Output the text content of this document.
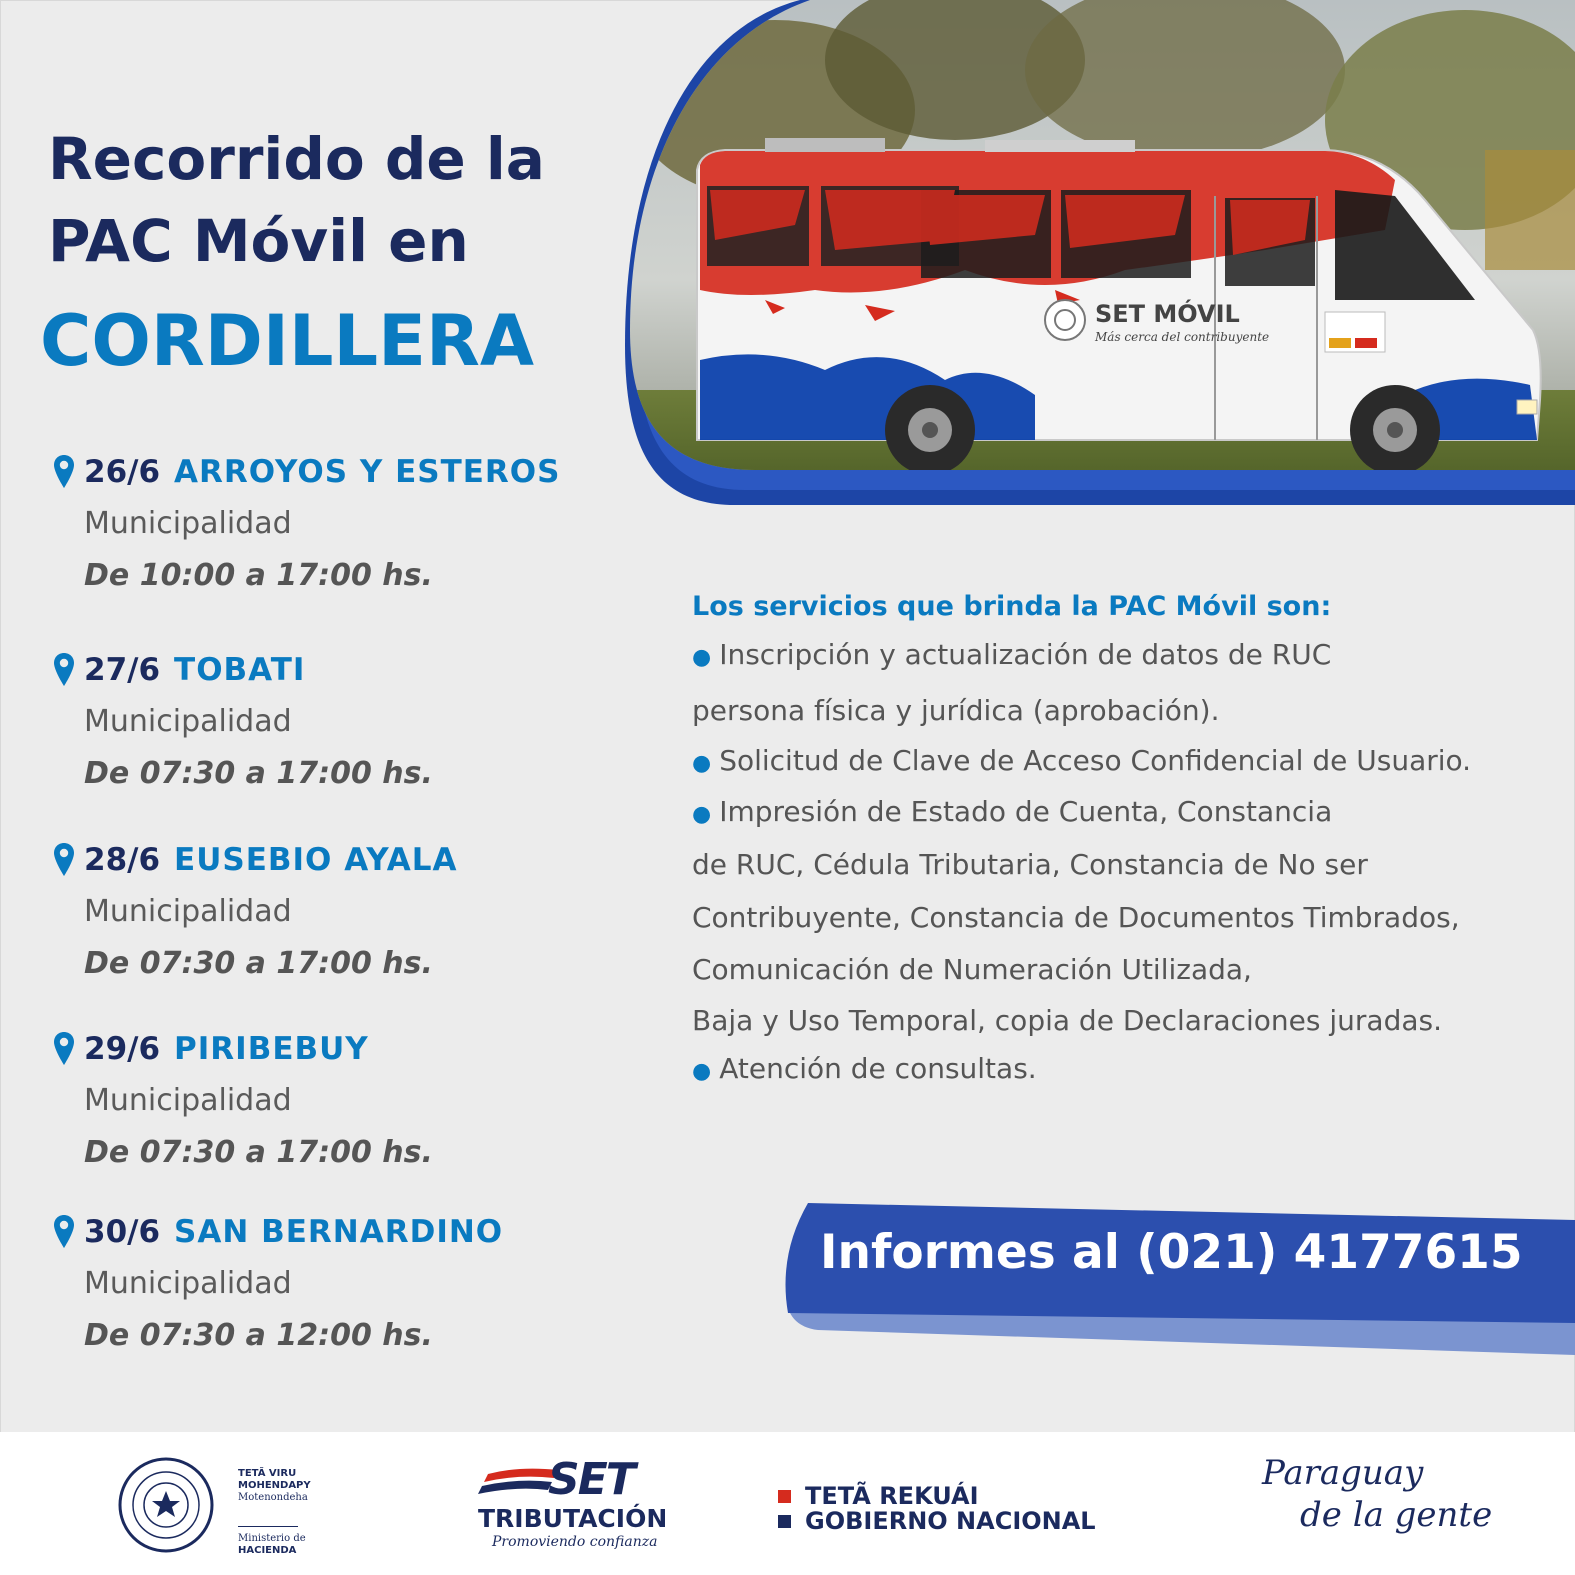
Recorrido de la
PAC Móvil en
CORDILLERA
26/6 ARROYOS Y ESTEROS
Municipalidad
De 10:00 a 17:00 hs.
27/6 TOBATI
Municipalidad
De 07:30 a 17:00 hs.
28/6 EUSEBIO AYALA
Municipalidad
De 07:30 a 17:00 hs.
29/6 PIRIBEBUY
Municipalidad
De 07:30 a 17:00 hs.
30/6 SAN BERNARDINO
Municipalidad
De 07:30 a 12:00 hs.
SET MÓVIL
Más cerca del contribuyente
Los servicios que brinda la PAC Móvil son:
● Inscripción y actualización de datos de RUC
persona física y jurídica (aprobación).
● Solicitud de Clave de Acceso Confidencial de Usuario.
● Impresión de Estado de Cuenta, Constancia
de RUC, Cédula Tributaria, Constancia de No ser
Contribuyente, Constancia de Documentos Timbrados,
Comunicación de Numeración Utilizada,
Baja y Uso Temporal, copia de Declaraciones juradas.
● Atención de consultas.
Informes al (021) 4177615
TETÃ VIRU
MOHENDAPY
Motenondeha
Ministerio de
HACIENDA
SET
TRIBUTACIÓN
Promoviendo confianza
TETÃ REKUÁI
GOBIERNO NACIONAL
Paraguay
de la gente
